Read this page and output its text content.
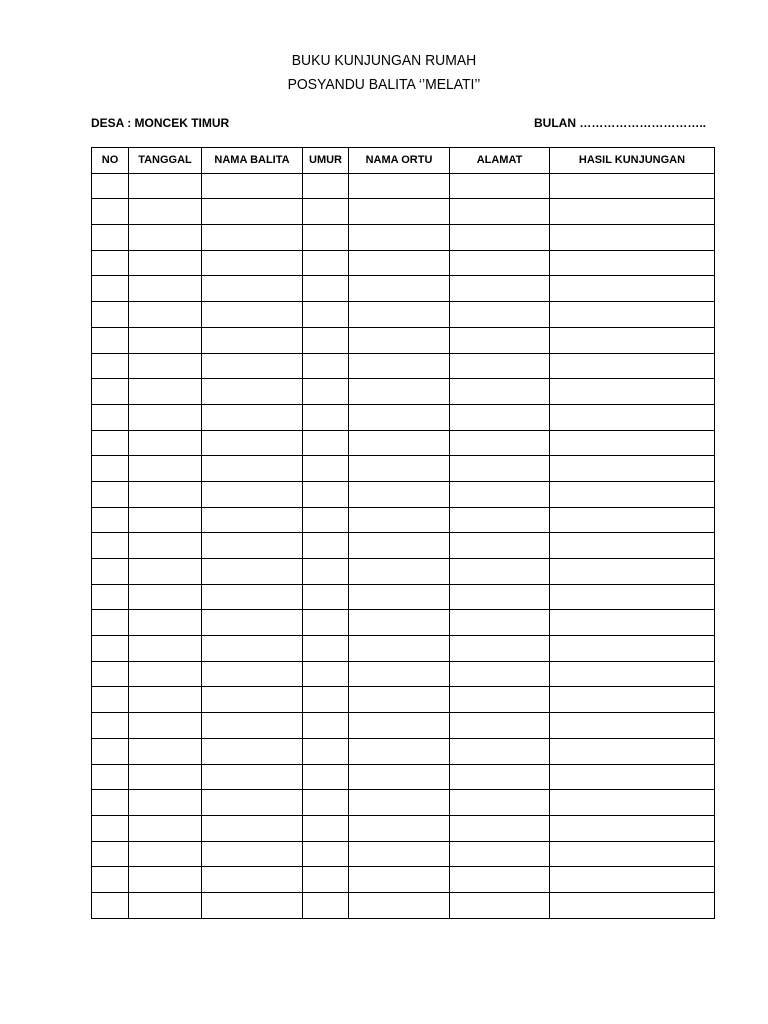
BUKU KUNJUNGAN RUMAH
POSYANDU BALITA ‘’MELATI’’
DESA : MONCEK TIMUR	BULAN …………………………..
NO	TANGGAL	NAMA BALITA	UMUR	NAMA ORTU	ALAMAT	HASIL KUNJUNGAN
